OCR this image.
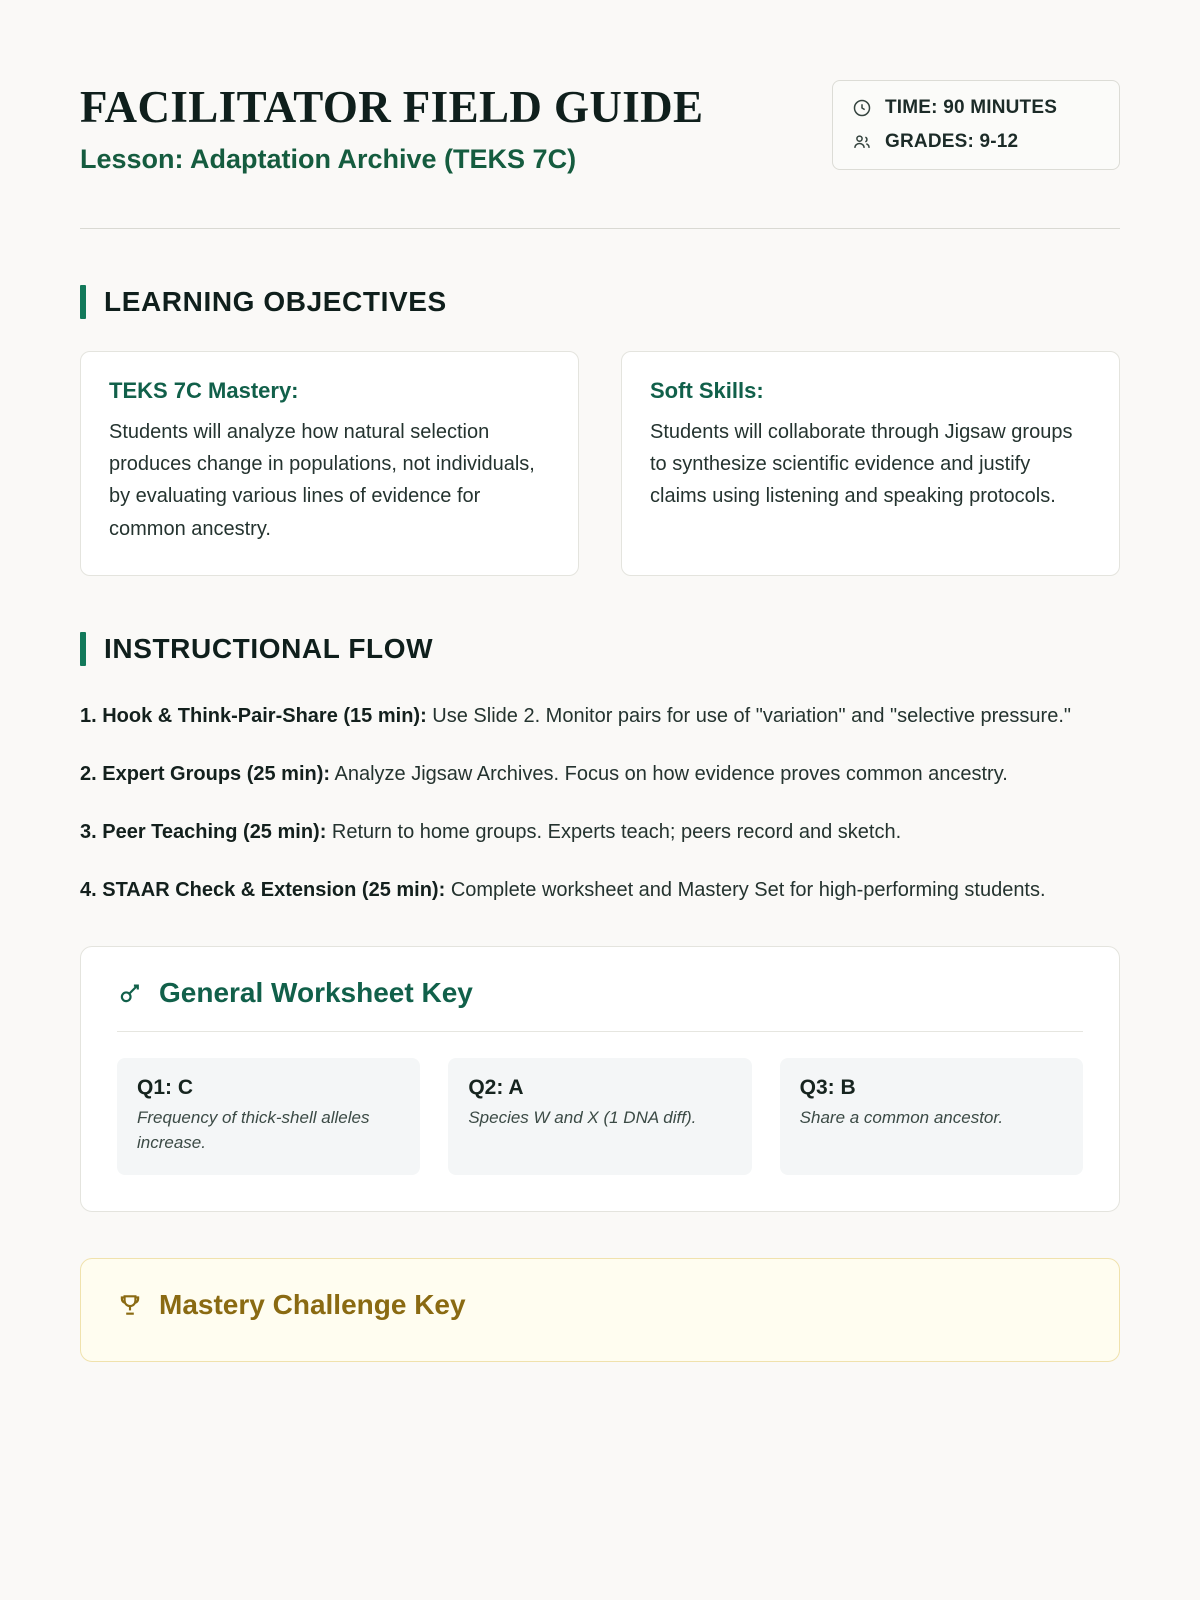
FACILITATOR FIELD GUIDE

Lesson: Adaptation Archive (TEKS 7C)

TIME: 90 MINUTES
GRADES: 9-12
LEARNING OBJECTIVES
TEKS 7C Mastery:
Students will analyze how natural selection produces change in populations, not individuals, by evaluating various lines of evidence for common ancestry.
Soft Skills:
Students will collaborate through Jigsaw groups to synthesize scientific evidence and justify claims using listening and speaking protocols.
INSTRUCTIONAL FLOW

1. Hook & Think-Pair-Share (15 min): Use Slide 2. Monitor pairs for use of "variation" and "selective pressure."

2. Expert Groups (25 min): Analyze Jigsaw Archives. Focus on how evidence proves common ancestry.

3. Peer Teaching (25 min): Return to home groups. Experts teach; peers record and sketch.

4. STAAR Check & Extension (25 min): Complete worksheet and Mastery Set for high-performing students.

General Worksheet Key
Q1: C
Frequency of thick-shell alleles increase.
Q2: A
Species W and X (1 DNA diff).
Q3: B
Share a common ancestor.
Mastery Challenge Key
